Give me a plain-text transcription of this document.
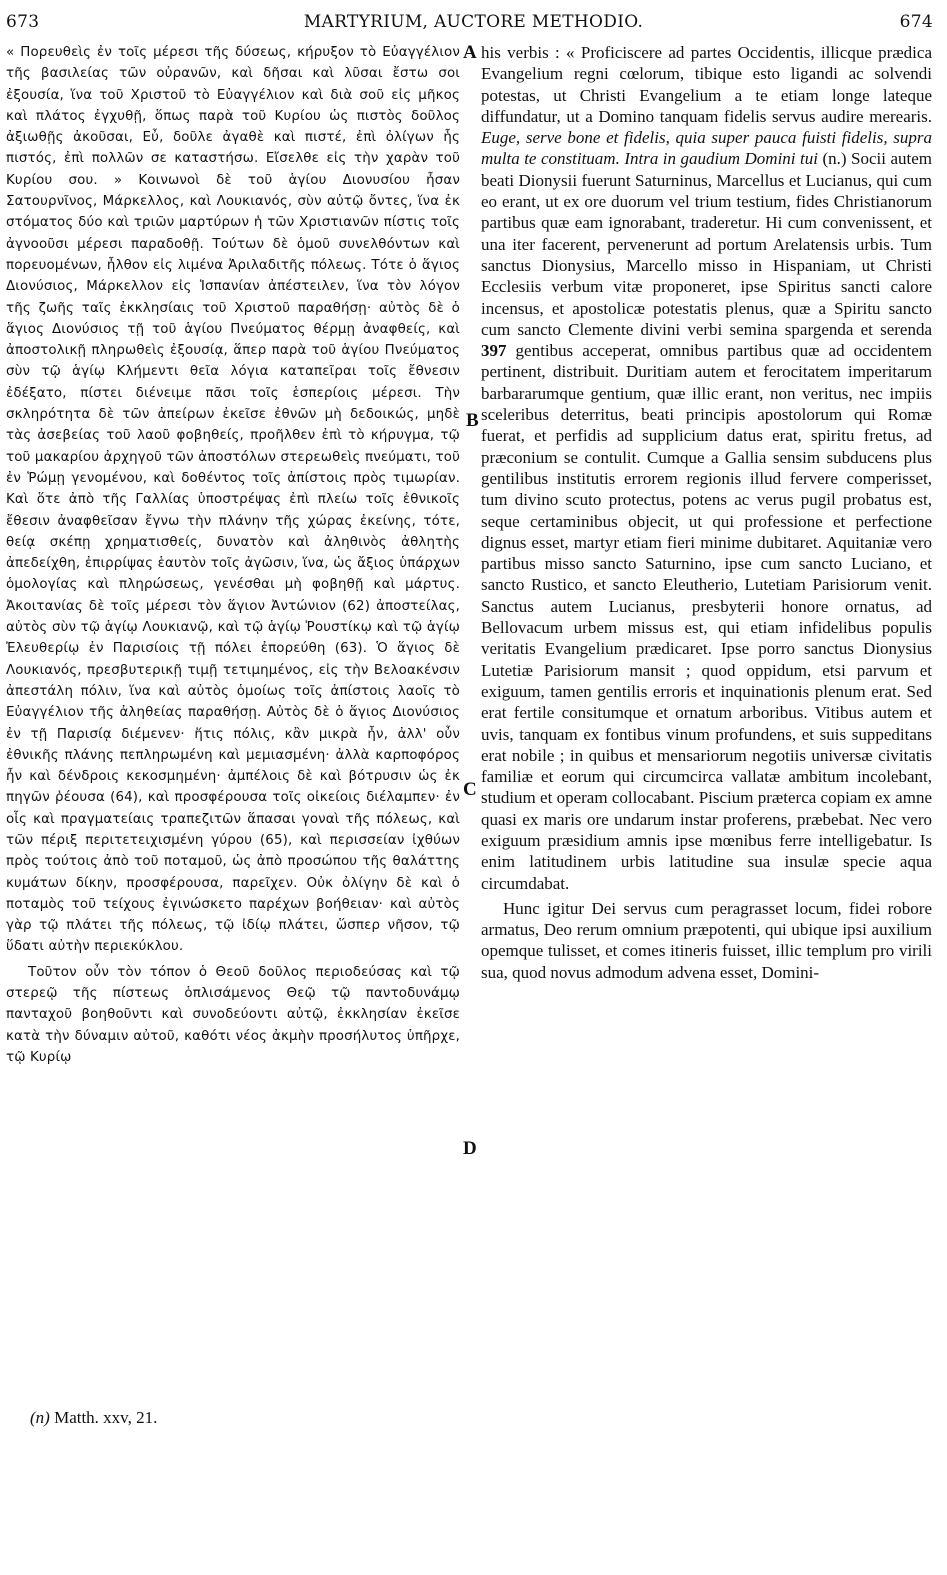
673	MARTYRIUM, AUCTORE METHODIO.	674

« Πορευθεὶς ἐν τοῖς μέρεσι τῆς δύσεως, κήρυξον τὸ Εὐαγγέλιον τῆς βασιλείας τῶν οὐρανῶν, καὶ δῆσαι καὶ λῦσαι ἔστω σοι ἐξουσία, ἵνα τοῦ Χριστοῦ τὸ Εὐαγγέλιον καὶ διὰ σοῦ εἰς μῆκος καὶ πλάτος ἐγχυθῇ, ὅπως παρὰ τοῦ Κυρίου ὡς πιστὸς δοῦλος ἀξιωθῇς ἀκοῦσαι, Εὖ, δοῦλε ἀγαθὲ καὶ πιστέ, ἐπὶ ὀλίγων ἧς πιστός, ἐπὶ πολλῶν σε καταστήσω. Εἴσελθε εἰς τὴν χαρὰν τοῦ Κυρίου σου. » Κοινωνοὶ δὲ τοῦ ἁγίου Διονυσίου ἦσαν Σατουρνῖνος, Μάρκελλος, καὶ Λουκιανός, σὺν αὐτῷ ὄντες, ἵνα ἐκ στόματος δύο καὶ τριῶν μαρτύρων ἡ τῶν Χριστιανῶν πίστις τοῖς ἀγνοοῦσι μέρεσι παραδοθῇ. Τούτων δὲ ὁμοῦ συνελθόντων καὶ πορευομένων, ἦλθον εἰς λιμένα Ἀριλαδιτῆς πόλεως. Τότε ὁ ἅγιος Διονύσιος, Μάρκελλον εἰς Ἱσπανίαν ἀπέστειλεν, ἵνα τὸν λόγον τῆς ζωῆς ταῖς ἐκκλησίαις τοῦ Χριστοῦ παραθήσῃ· αὐτὸς δὲ ὁ ἅγιος Διονύσιος τῇ τοῦ ἁγίου Πνεύματος θέρμῃ ἀναφθείς, καὶ ἀποστολικῇ πληρωθεὶς ἐξουσίᾳ, ἅπερ παρὰ τοῦ ἁγίου Πνεύματος σὺν τῷ ἁγίῳ Κλήμεντι θεῖα λόγια καταπεῖραι τοῖς ἔθνεσιν ἐδέξατο, πίστει διένειμε πᾶσι τοῖς ἑσπερίοις μέρεσι. Τὴν σκληρότητα δὲ τῶν ἀπείρων ἐκεῖσε ἐθνῶν μὴ δεδοικώς, μηδὲ τὰς ἀσεβείας τοῦ λαοῦ φοβηθείς, προῆλθεν ἐπὶ τὸ κήρυγμα, τῷ τοῦ μακαρίου ἀρχηγοῦ τῶν ἀποστόλων στερεωθεὶς πνεύματι, τοῦ ἐν Ῥώμῃ γενομένου, καὶ δοθέντος τοῖς ἀπίστοις πρὸς τιμωρίαν. Καὶ ὅτε ἀπὸ τῆς Γαλλίας ὑποστρέψας ἐπὶ πλείω τοῖς ἐθνικοῖς ἔθεσιν ἀναφθεῖσαν ἔγνω τὴν πλάνην τῆς χώρας ἐκείνης, τότε, θείᾳ σκέπῃ χρηματισθείς, δυνατὸν καὶ ἀληθινὸς ἀθλητὴς ἀπεδείχθη, ἐπιρρίψας ἑαυτὸν τοῖς ἀγῶσιν, ἵνα, ὡς ἄξιος ὑπάρχων ὁμολογίας καὶ πληρώσεως, γενέσθαι μὴ φοβηθῇ καὶ μάρτυς. Ἀκοιτανίας δὲ τοῖς μέρεσι τὸν ἅγιον Ἀντώνιον (62) ἀποστείλας, αὐτὸς σὺν τῷ ἁγίῳ Λουκιανῷ, καὶ τῷ ἁγίῳ Ῥουστίκῳ καὶ τῷ ἁγίῳ Ἐλευθερίῳ ἐν Παρισίοις τῇ πόλει ἐπορεύθη (63). Ὁ ἅγιος δὲ Λουκιανός, πρεσβυτερικῇ τιμῇ τετιμημένος, εἰς τὴν Βελοακένσιν ἀπεστάλη πόλιν, ἵνα καὶ αὐτὸς ὁμοίως τοῖς ἀπίστοις λαοῖς τὸ Εὐαγγέλιον τῆς ἀληθείας παραθήσῃ. Αὐτὸς δὲ ὁ ἅγιος Διονύσιος ἐν τῇ Παρισίᾳ διέμενεν· ἥτις πόλις, κἂν μικρὰ ἦν, ἀλλ' οὖν ἐθνικῆς πλάνης πεπληρωμένη καὶ μεμιασμένη· ἀλλὰ καρποφόρος ἦν καὶ δένδροις κεκοσμημένη· ἀμπέλοις δὲ καὶ βότρυσιν ὡς ἐκ πηγῶν ῥέουσα (64), καὶ προσφέρουσα τοῖς οἰκείοις διέλαμπεν· ἐν οἷς καὶ πραγματείαις τραπεζιτῶν ἅπασαι γοναὶ τῆς πόλεως, καὶ τῶν πέριξ περιτετειχισμένη γύρου (65), καὶ περισσείαν ἰχθύων πρὸς τούτοις ἀπὸ τοῦ ποταμοῦ, ὡς ἀπὸ προσώπου τῆς θαλάττης κυμάτων δίκην, προσφέρουσα, παρεῖχεν. Οὐκ ὀλίγην δὲ καὶ ὁ ποταμὸς τοῦ τείχους ἐγινώσκετο παρέχων βοήθειαν· καὶ αὐτὸς γὰρ τῷ πλάτει τῆς πόλεως, τῷ ἰδίῳ πλάτει, ὥσπερ νῆσον, τῷ ὕδατι αὐτὴν περιεκύκλου.

Τοῦτον οὖν τὸν τόπον ὁ Θεοῦ δοῦλος περιοδεύσας καὶ τῷ στερεῷ τῆς πίστεως ὁπλισάμενος Θεῷ τῷ παντοδυνάμῳ πανταχοῦ βοηθοῦντι καὶ συνοδεύοντι αὐτῷ, ἐκκλησίαν ἐκεῖσε κατὰ τὴν δύναμιν αὐτοῦ, καθότι νέος ἀκμὴν προσήλυτος ὑπῆρχε, τῷ Κυρίῳ

A
B
C
D

his verbis : « Proficiscere ad partes Occidentis, illicque prædica Evangelium regni cœlorum, tibique esto ligandi ac solvendi potestas, ut Christi Evangelium a te etiam longe lateque diffundatur, ut a Domino tanquam fidelis servus audire merearis. Euge, serve bone et fidelis, quia super pauca fuisti fidelis, supra multa te constituam. Intra in gaudium Domini tui (n.) Socii autem beati Dionysii fuerunt Saturninus, Marcellus et Lucianus, qui cum eo erant, ut ex ore duorum vel trium testium, fides Christianorum partibus quæ eam ignorabant, traderetur. Hi cum convenissent, et una iter facerent, pervenerunt ad portum Arelatensis urbis. Tum sanctus Dionysius, Marcello misso in Hispaniam, ut Christi Ecclesiis verbum vitæ proponeret, ipse Spiritus sancti calore incensus, et apostolicæ potestatis plenus, quæ a Spiritu sancto cum sancto Clemente divini verbi semina spargenda et serenda 397 gentibus acceperat, omnibus partibus quæ ad occidentem pertinent, distribuit. Duritiam autem et ferocitatem imperitarum barbararumque gentium, quæ illic erant, non veritus, nec impiis sceleribus deterritus, beati principis apostolorum qui Romæ fuerat, et perfidis ad supplicium datus erat, spiritu fretus, ad præconium se contulit. Cumque a Gallia sensim subducens plus gentilibus institutis errorem regionis illud fervere comperisset, tum divino scuto protectus, potens ac verus pugil probatus est, seque certaminibus objecit, ut qui professione et perfectione dignus esset, martyr etiam fieri minime dubitaret. Aquitaniæ vero partibus misso sancto Saturnino, ipse cum sancto Luciano, et sancto Rustico, et sancto Eleutherio, Lutetiam Parisiorum venit. Sanctus autem Lucianus, presbyterii honore ornatus, ad Bellovacum urbem missus est, qui etiam infidelibus populis veritatis Evangelium prædicaret. Ipse porro sanctus Dionysius Lutetiæ Parisiorum mansit ; quod oppidum, etsi parvum et exiguum, tamen gentilis erroris et inquinationis plenum erat. Sed erat fertile consitumque et ornatum arboribus. Vitibus autem et uvis, tanquam ex fontibus vinum profundens, et suis suppeditans erat nobile ; in quibus et mensariorum negotiis universæ civitatis familiæ et eorum qui circumcirca vallatæ ambitum incolebant, studium et operam collocabant. Piscium præterca copiam ex amne quasi ex maris ore undarum instar proferens, præbebat. Nec vero exiguum præsidium amnis ipse mœnibus ferre intelligebatur. Is enim latitudinem urbis latitudine sua insulæ specie aqua circumdabat.

Hunc igitur Dei servus cum peragrasset locum, fidei robore armatus, Deo rerum omnium præpotenti, qui ubique ipsi auxilium opemque tulisset, et comes itineris fuisset, illic templum pro virili sua, quod novus admodum advena esset, Domini-

(n) Matth. xxv, 21.
